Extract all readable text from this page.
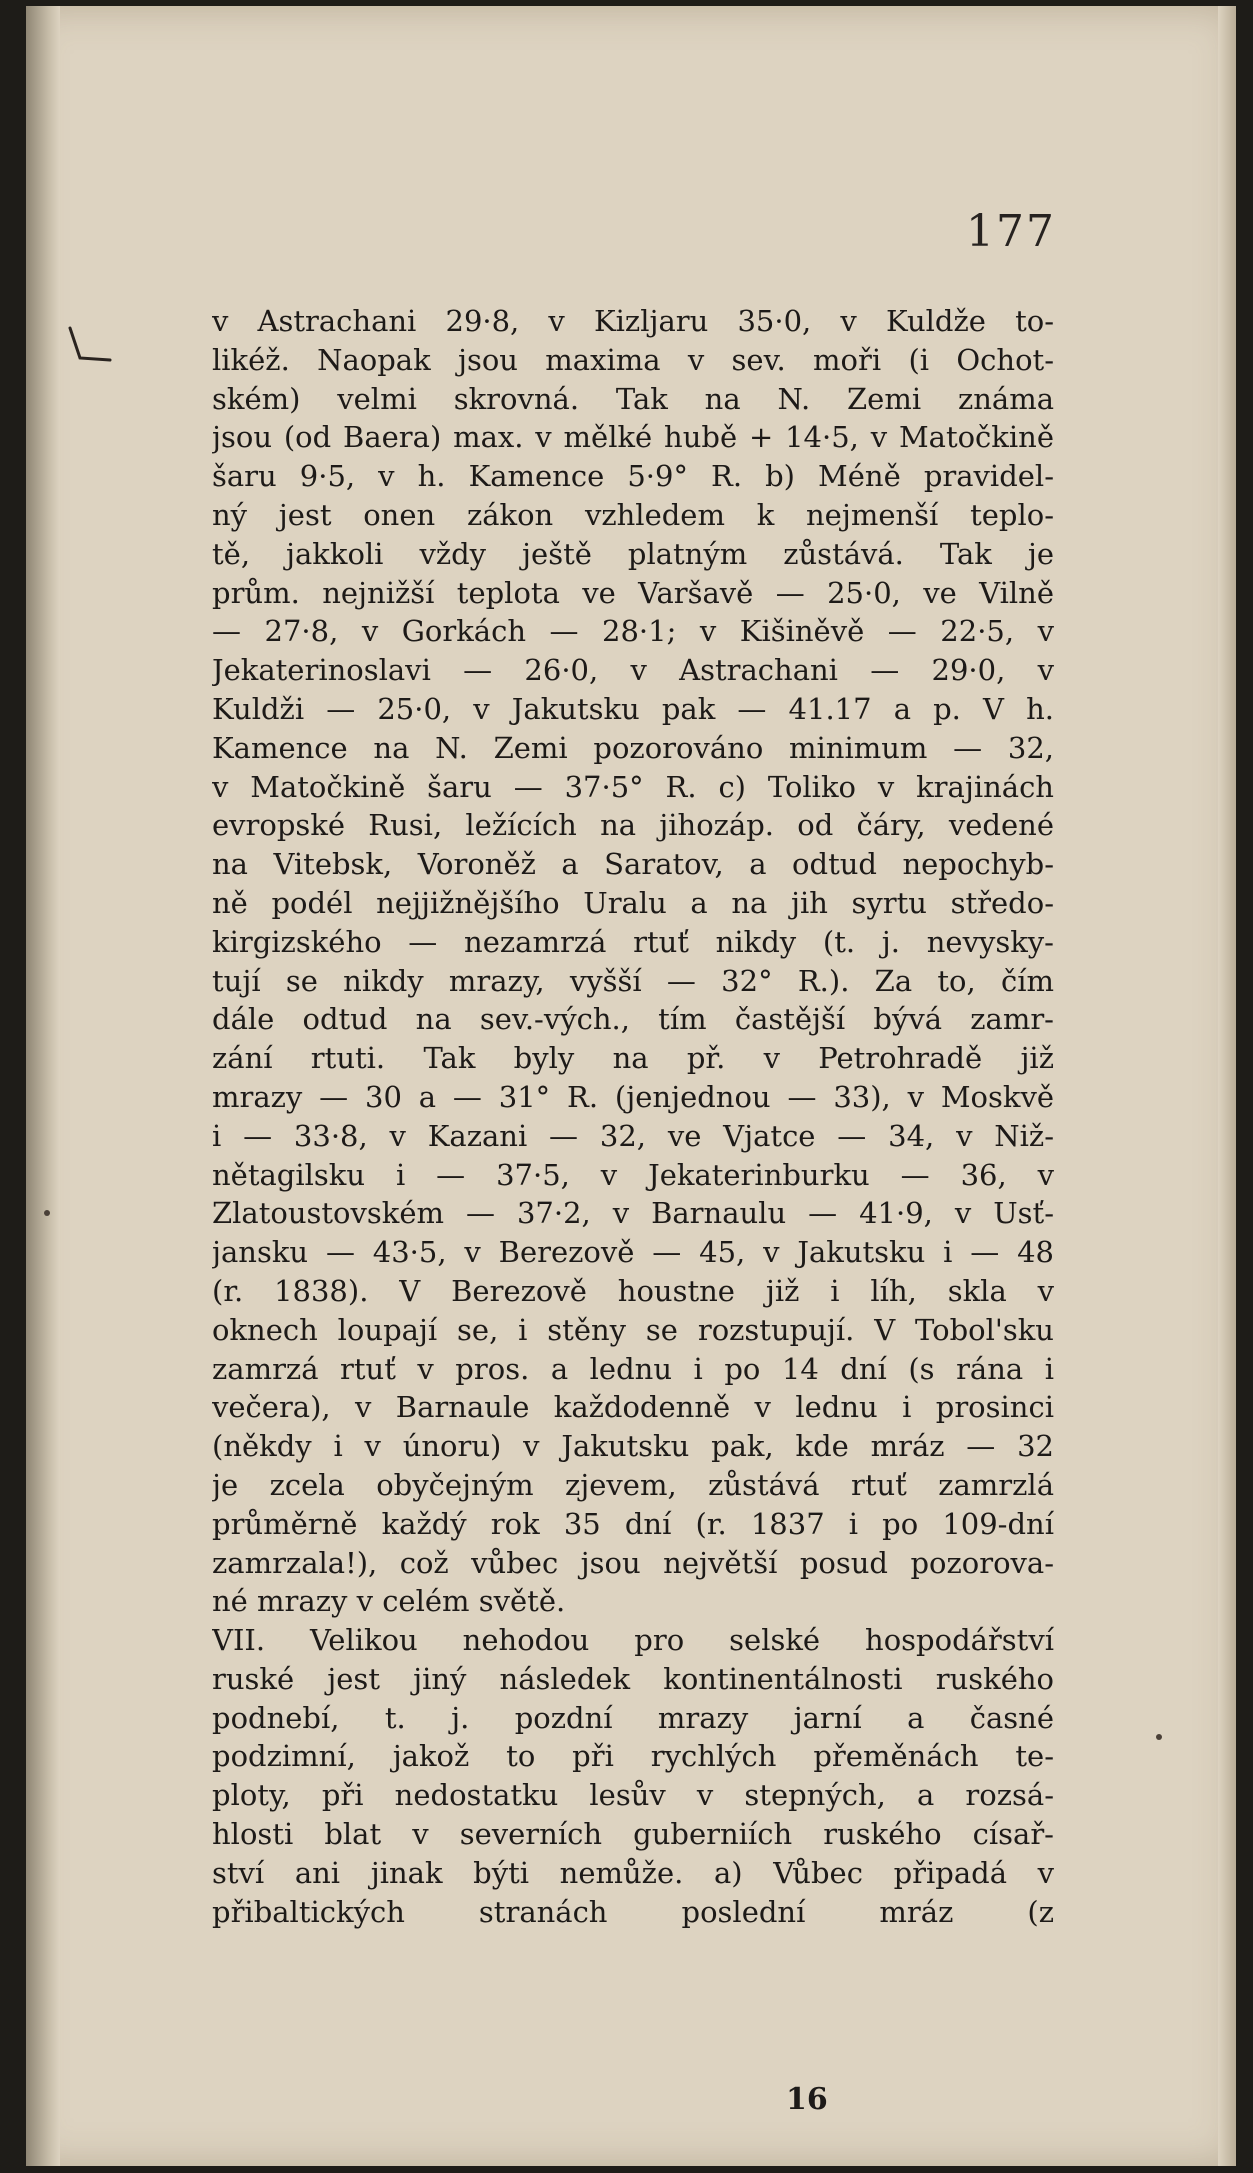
177
v Astrachani 29·8, v Kizljaru 35·0, v Kuldže to-
likéž. Naopak jsou maxima v sev. moři (i Ochot-
ském) velmi skrovná. Tak na N. Zemi známa
jsou (od Baera) max. v mělké hubě + 14·5, v Matočkině
šaru 9·5, v h. Kamence 5·9° R. b) Méně pravidel-
ný jest onen zákon vzhledem k nejmenší teplo-
tě, jakkoli vždy ještě platným zůstává. Tak je
prům. nejnižší teplota ve Varšavě — 25·0, ve Vilně
— 27·8, v Gorkách — 28·1; v Kišiněvě — 22·5, v
Jekaterinoslavi — 26·0, v Astrachani — 29·0, v
Kuldži — 25·0, v Jakutsku pak — 41.17 a p. V h.
Kamence na N. Zemi pozorováno minimum — 32,
v Matočkině šaru — 37·5° R. c) Toliko v krajinách
evropské Rusi, ležících na jihozáp. od čáry, vedené
na Vitebsk, Voroněž a Saratov, a odtud nepochyb-
ně podél nejjižnějšího Uralu a na jih syrtu středo-
kirgizského — nezamrzá rtuť nikdy (t. j. nevysky-
tují se nikdy mrazy, vyšší — 32° R.). Za to, čím
dále odtud na sev.-vých., tím častější bývá zamr-
zání rtuti. Tak byly na př. v Petrohradě již
mrazy — 30 a — 31° R. (jenjednou — 33), v Moskvě
i — 33·8, v Kazani — 32, ve Vjatce — 34, v Niž-
nětagilsku i — 37·5, v Jekaterinburku — 36, v
Zlatoustovském — 37·2, v Barnaulu — 41·9, v Usť-
jansku — 43·5, v Berezově — 45, v Jakutsku i — 48
(r. 1838). V Berezově houstne již i líh, skla v
oknech loupají se, i stěny se rozstupují. V Tobol'sku
zamrzá rtuť v pros. a lednu i po 14 dní (s rána i
večera), v Barnaule každodenně v lednu i prosinci
(někdy i v únoru) v Jakutsku pak, kde mráz — 32
je zcela obyčejným zjevem, zůstává rtuť zamrzlá
průměrně každý rok 35 dní (r. 1837 i po 109-dní
zamrzala!), což vůbec jsou největší posud pozorova-
né mrazy v celém světě.
VII. Velikou nehodou pro selské hospodářství
ruské jest jiný následek kontinentálnosti ruského
podnebí, t. j. pozdní mrazy jarní a časné
podzimní, jakož to při rychlých přeměnách te-
ploty, při nedostatku lesův v stepných, a rozsá-
hlosti blat v severních guberniích ruského císař-
ství ani jinak býti nemůže. a) Vůbec připadá v
přibaltických stranách poslední mráz (z
16
